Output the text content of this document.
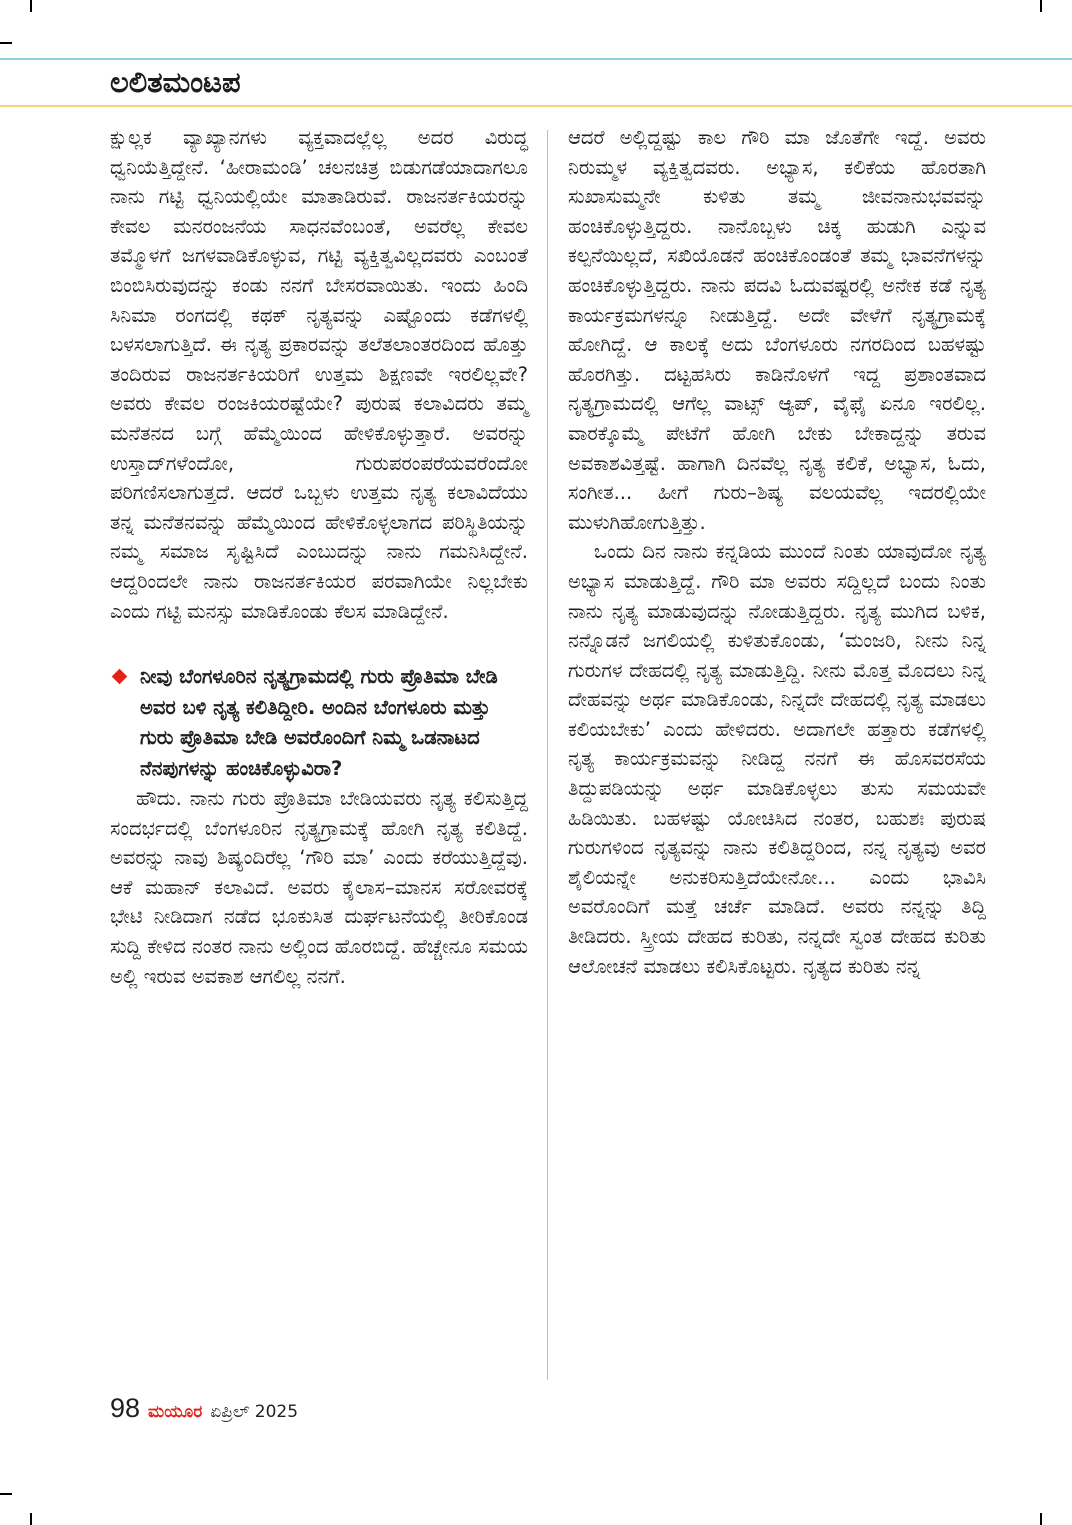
ಲಲಿತಮಂಟಪ

ಕ್ಷುಲ್ಲಕ ವ್ಯಾಖ್ಯಾನಗಳು ವ್ಯಕ್ತವಾದಲ್ಲೆಲ್ಲ ಅದರ ವಿರುದ್ಧ ಧ್ವನಿಯೆತ್ತಿದ್ದೇನೆ. ‘ಹೀರಾಮಂಡಿ’ ಚಲನಚಿತ್ರ ಬಿಡುಗಡೆಯಾದಾಗಲೂ ನಾನು ಗಟ್ಟಿ ಧ್ವನಿಯಲ್ಲಿಯೇ ಮಾತಾಡಿರುವೆ. ರಾಜನರ್ತಕಿಯರನ್ನು ಕೇವಲ ಮನರಂಜನೆಯ ಸಾಧನವೆಂಬಂತೆ, ಅವರೆಲ್ಲ ಕೇವಲ ತಮ್ಮೊಳಗೆ ಜಗಳವಾಡಿಕೊಳ್ಳುವ, ಗಟ್ಟಿ ವ್ಯಕ್ತಿತ್ವವಿಲ್ಲದವರು ಎಂಬಂತೆ ಬಿಂಬಿಸಿರುವುದನ್ನು ಕಂಡು ನನಗೆ ಬೇಸರವಾಯಿತು. ಇಂದು ಹಿಂದಿ ಸಿನಿಮಾ ರಂಗದಲ್ಲಿ ಕಥಕ್ ನೃತ್ಯವನ್ನು ಎಷ್ಟೊಂದು ಕಡೆಗಳಲ್ಲಿ ಬಳಸಲಾಗುತ್ತಿದೆ. ಈ ನೃತ್ಯ ಪ್ರಕಾರವನ್ನು ತಲೆತಲಾಂತರದಿಂದ ಹೊತ್ತು ತಂದಿರುವ ರಾಜನರ್ತಕಿಯರಿಗೆ ಉತ್ತಮ ಶಿಕ್ಷಣವೇ ಇರಲಿಲ್ಲವೇ? ಅವರು ಕೇವಲ ರಂಜಕಿಯರಷ್ಟೆಯೇ? ಪುರುಷ ಕಲಾವಿದರು ತಮ್ಮ ಮನೆತನದ ಬಗ್ಗೆ ಹೆಮ್ಮೆಯಿಂದ ಹೇಳಿಕೊಳ್ಳುತ್ತಾರೆ. ಅವರನ್ನು ಉಸ್ತಾದ್‌ಗಳೆಂದೋ, ಗುರುಪರಂಪರೆಯವರೆಂದೋ ಪರಿಗಣಿಸಲಾಗುತ್ತದೆ. ಆದರೆ ಒಬ್ಬಳು ಉತ್ತಮ ನೃತ್ಯ ಕಲಾವಿದೆಯು ತನ್ನ ಮನೆತನವನ್ನು ಹೆಮ್ಮೆಯಿಂದ ಹೇಳಿಕೊಳ್ಳಲಾಗದ ಪರಿಸ್ಥಿತಿಯನ್ನು ನಮ್ಮ ಸಮಾಜ ಸೃಷ್ಟಿಸಿದೆ ಎಂಬುದನ್ನು ನಾನು ಗಮನಿಸಿದ್ದೇನೆ. ಆದ್ದರಿಂದಲೇ ನಾನು ರಾಜನರ್ತಕಿಯರ ಪರವಾಗಿಯೇ ನಿಲ್ಲಬೇಕು ಎಂದು ಗಟ್ಟಿ ಮನಸ್ಸು ಮಾಡಿಕೊಂಡು ಕೆಲಸ ಮಾಡಿದ್ದೇನೆ.

ನೀವು ಬೆಂಗಳೂರಿನ ನೃತ್ಯಗ್ರಾಮದಲ್ಲಿ ಗುರು ಪ್ರೊತಿಮಾ ಬೇಡಿ ಅವರ ಬಳಿ ನೃತ್ಯ ಕಲಿತಿದ್ದೀರಿ. ಅಂದಿನ ಬೆಂಗಳೂರು ಮತ್ತು ಗುರು ಪ್ರೊತಿಮಾ ಬೇಡಿ ಅವರೊಂದಿಗೆ ನಿಮ್ಮ ಒಡನಾಟದ ನೆನಪುಗಳನ್ನು ಹಂಚಿಕೊಳ್ಳುವಿರಾ?

ಹೌದು. ನಾನು ಗುರು ಪ್ರೊತಿಮಾ ಬೇಡಿಯವರು ನೃತ್ಯ ಕಲಿಸುತ್ತಿದ್ದ ಸಂದರ್ಭದಲ್ಲಿ ಬೆಂಗಳೂರಿನ ನೃತ್ಯಗ್ರಾಮಕ್ಕೆ ಹೋಗಿ ನೃತ್ಯ ಕಲಿತಿದ್ದೆ. ಅವರನ್ನು ನಾವು ಶಿಷ್ಯಂದಿರೆಲ್ಲ ‘ಗೌರಿ ಮಾ’ ಎಂದು ಕರೆಯುತ್ತಿದ್ದೆವು. ಆಕೆ ಮಹಾನ್ ಕಲಾವಿದೆ. ಅವರು ಕೈಲಾಸ–ಮಾನಸ ಸರೋವರಕ್ಕೆ ಭೇಟಿ ನೀಡಿದಾಗ ನಡೆದ ಭೂಕುಸಿತ ದುರ್ಘಟನೆಯಲ್ಲಿ ತೀರಿಕೊಂಡ ಸುದ್ದಿ ಕೇಳಿದ ನಂತರ ನಾನು ಅಲ್ಲಿಂದ ಹೊರಬಿದ್ದೆ. ಹೆಚ್ಚೇನೂ ಸಮಯ ಅಲ್ಲಿ ಇರುವ ಅವಕಾಶ ಆಗಲಿಲ್ಲ ನನಗೆ.

ಆದರೆ ಅಲ್ಲಿದ್ದಷ್ಟು ಕಾಲ ಗೌರಿ ಮಾ ಜೊತೆಗೇ ಇದ್ದೆ. ಅವರು ನಿರುಮ್ಮಳ ವ್ಯಕ್ತಿತ್ವದವರು. ಅಭ್ಯಾಸ, ಕಲಿಕೆಯ ಹೊರತಾಗಿ ಸುಖಾಸುಮ್ಮನೇ ಕುಳಿತು ತಮ್ಮ ಜೀವನಾನುಭವವನ್ನು ಹಂಚಿಕೊಳ್ಳುತ್ತಿದ್ದರು. ನಾನೊಬ್ಬಳು ಚಿಕ್ಕ ಹುಡುಗಿ ಎನ್ನುವ ಕಲ್ಪನೆಯಿಲ್ಲದೆ, ಸಖಿಯೊಡನೆ ಹಂಚಿಕೊಂಡಂತೆ ತಮ್ಮ ಭಾವನೆಗಳನ್ನು ಹಂಚಿಕೊಳ್ಳುತ್ತಿದ್ದರು. ನಾನು ಪದವಿ ಓದುವಷ್ಟರಲ್ಲಿ ಅನೇಕ ಕಡೆ ನೃತ್ಯ ಕಾರ್ಯಕ್ರಮಗಳನ್ನೂ ನೀಡುತ್ತಿದ್ದೆ. ಅದೇ ವೇಳೆಗೆ ನೃತ್ಯಗ್ರಾಮಕ್ಕೆ ಹೋಗಿದ್ದೆ. ಆ ಕಾಲಕ್ಕೆ ಅದು ಬೆಂಗಳೂರು ನಗರದಿಂದ ಬಹಳಷ್ಟು ಹೊರಗಿತ್ತು. ದಟ್ಟಹಸಿರು ಕಾಡಿನೊಳಗೆ ಇದ್ದ ಪ್ರಶಾಂತವಾದ ನೃತ್ಯಗ್ರಾಮದಲ್ಲಿ ಆಗೆಲ್ಲ ವಾಟ್ಸ್ ಆ್ಯಪ್, ವೈಫೈ ಏನೂ ಇರಲಿಲ್ಲ. ವಾರಕ್ಕೊಮ್ಮೆ ಪೇಟೆಗೆ ಹೋಗಿ ಬೇಕು ಬೇಕಾದ್ದನ್ನು ತರುವ ಅವಕಾಶವಿತ್ತಷ್ಟೆ. ಹಾಗಾಗಿ ದಿನವೆಲ್ಲ ನೃತ್ಯ ಕಲಿಕೆ, ಅಭ್ಯಾಸ, ಓದು, ಸಂಗೀತ... ಹೀಗೆ ಗುರು–ಶಿಷ್ಯ ವಲಯವೆಲ್ಲ ಇದರಲ್ಲಿಯೇ ಮುಳುಗಿಹೋಗುತ್ತಿತ್ತು.

ಒಂದು ದಿನ ನಾನು ಕನ್ನಡಿಯ ಮುಂದೆ ನಿಂತು ಯಾವುದೋ ನೃತ್ಯ ಅಭ್ಯಾಸ ಮಾಡುತ್ತಿದ್ದೆ. ಗೌರಿ ಮಾ ಅವರು ಸದ್ದಿಲ್ಲದೆ ಬಂದು ನಿಂತು ನಾನು ನೃತ್ಯ ಮಾಡುವುದನ್ನು ನೋಡುತ್ತಿದ್ದರು. ನೃತ್ಯ ಮುಗಿದ ಬಳಿಕ, ನನ್ನೊಡನೆ ಜಗಲಿಯಲ್ಲಿ ಕುಳಿತುಕೊಂಡು, ‘ಮಂಜರಿ, ನೀನು ನಿನ್ನ ಗುರುಗಳ ದೇಹದಲ್ಲಿ ನೃತ್ಯ ಮಾಡುತ್ತಿದ್ದಿ. ನೀನು ಮೊತ್ತ ಮೊದಲು ನಿನ್ನ ದೇಹವನ್ನು ಅರ್ಥ ಮಾಡಿಕೊಂಡು, ನಿನ್ನದೇ ದೇಹದಲ್ಲಿ ನೃತ್ಯ ಮಾಡಲು ಕಲಿಯಬೇಕು’ ಎಂದು ಹೇಳಿದರು. ಅದಾಗಲೇ ಹತ್ತಾರು ಕಡೆಗಳಲ್ಲಿ ನೃತ್ಯ ಕಾರ್ಯಕ್ರಮವನ್ನು ನೀಡಿದ್ದ ನನಗೆ ಈ ಹೊಸವರಸೆಯ ತಿದ್ದುಪಡಿಯನ್ನು ಅರ್ಥ ಮಾಡಿಕೊಳ್ಳಲು ತುಸು ಸಮಯವೇ ಹಿಡಿಯಿತು. ಬಹಳಷ್ಟು ಯೋಚಿಸಿದ ನಂತರ, ಬಹುಶಃ ಪುರುಷ ಗುರುಗಳಿಂದ ನೃತ್ಯವನ್ನು ನಾನು ಕಲಿತಿದ್ದರಿಂದ, ನನ್ನ ನೃತ್ಯವು ಅವರ ಶೈಲಿಯನ್ನೇ ಅನುಕರಿಸುತ್ತಿದೆಯೇನೋ... ಎಂದು ಭಾವಿಸಿ ಅವರೊಂದಿಗೆ ಮತ್ತೆ ಚರ್ಚೆ ಮಾಡಿದೆ. ಅವರು ನನ್ನನ್ನು ತಿದ್ದಿ ತೀಡಿದರು. ಸ್ತ್ರೀಯ ದೇಹದ ಕುರಿತು, ನನ್ನದೇ ಸ್ವಂತ ದೇಹದ ಕುರಿತು ಆಲೋಚನೆ ಮಾಡಲು ಕಲಿಸಿಕೊಟ್ಟರು. ನೃತ್ಯದ ಕುರಿತು ನನ್ನ

98 ಮಯೂರ ಏಪ್ರಿಲ್ 2025
